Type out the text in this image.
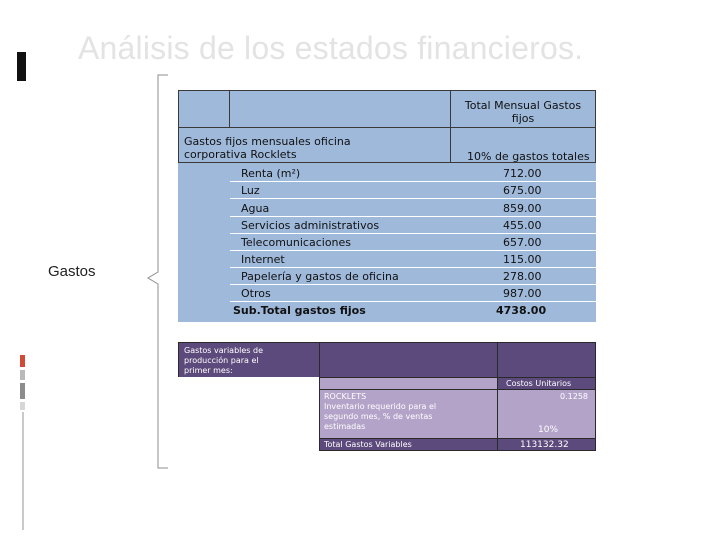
Análisis de los estados financieros.
Gastos
Total Mensual Gastos fijos
Gastos fijos mensuales oficina
corporativa Rocklets	10% de gastos totales
Renta (m²)	712.00
Luz	675.00
Agua	859.00
Servicios administrativos	455.00
Telecomunicaciones	657.00
Internet	115.00
Papelería y gastos de oficina	278.00
Otros	987.00
Sub.Total gastos fijos	4738.00
Gastos variables de
producción para el
primer mes:
Costos Unitarios
ROCKLETS	0.1258
Inventario requerido para el
segundo mes, % de ventas
estimadas	10%
Total Gastos Variables	113132.32
